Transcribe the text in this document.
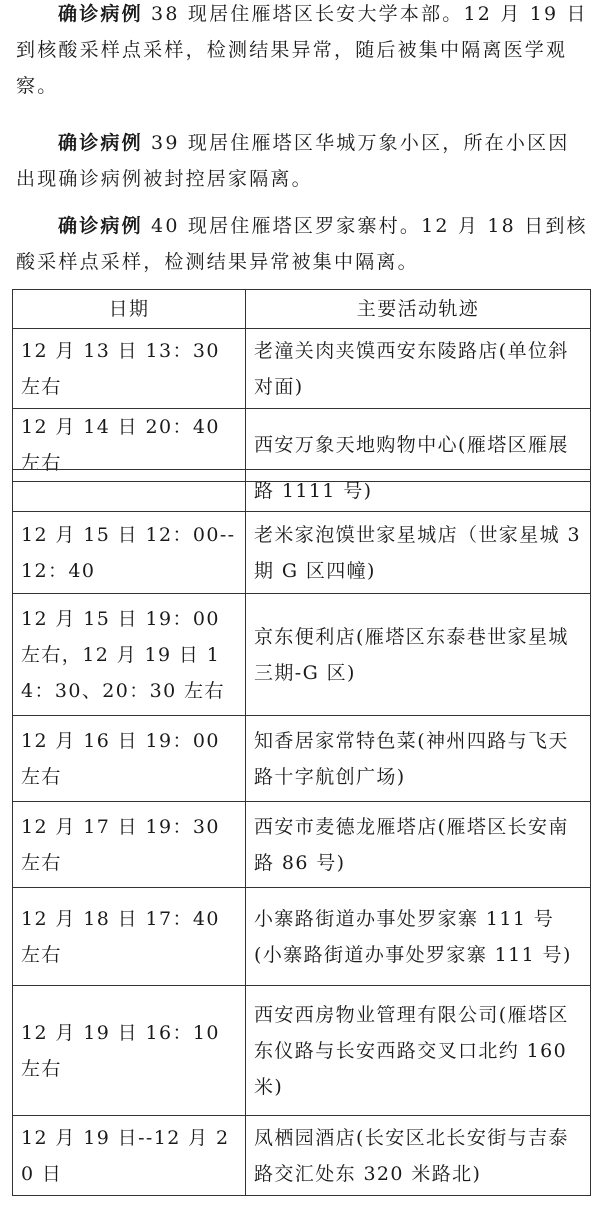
确诊病例 38 现居住雁塔区长安大学本部。12 月 19 日到核酸采样点采样，检测结果异常，随后被集中隔离医学观察。

确诊病例 39 现居住雁塔区华城万象小区，所在小区因出现确诊病例被封控居家隔离。

确诊病例 40 现居住雁塔区罗家寨村。12 月 18 日到核酸采样点采样，检测结果异常被集中隔离。

日期	主要活动轨迹
12 月 13 日 13：30 左右	老潼关肉夹馍西安东陵路店(单位斜对面)
12 月 14 日 20：40 左右	西安万象天地购物中心(雁塔区雁展
	路 1111 号)
12 月 15 日 12：00--12：40	老米家泡馍世家星城店（世家星城 3 期 G 区四幢)
12 月 15 日 19：00 左右，12 月 19 日 14：30、20：30 左右	京东便利店(雁塔区东泰巷世家星城三期-G 区)
12 月 16 日 19：00 左右	知香居家常特色菜(神州四路与飞天路十字航创广场)
12 月 17 日 19：30 左右	西安市麦德龙雁塔店(雁塔区长安南路 86 号)
12 月 18 日 17：40 左右	小寨路街道办事处罗家寨 111 号(小寨路街道办事处罗家寨 111 号)
12 月 19 日 16：10 左右	西安西房物业管理有限公司(雁塔区东仪路与长安西路交叉口北约 160 米)
12 月 19 日--12 月 20 日	凤栖园酒店(长安区北长安街与吉泰路交汇处东 320 米路北)
